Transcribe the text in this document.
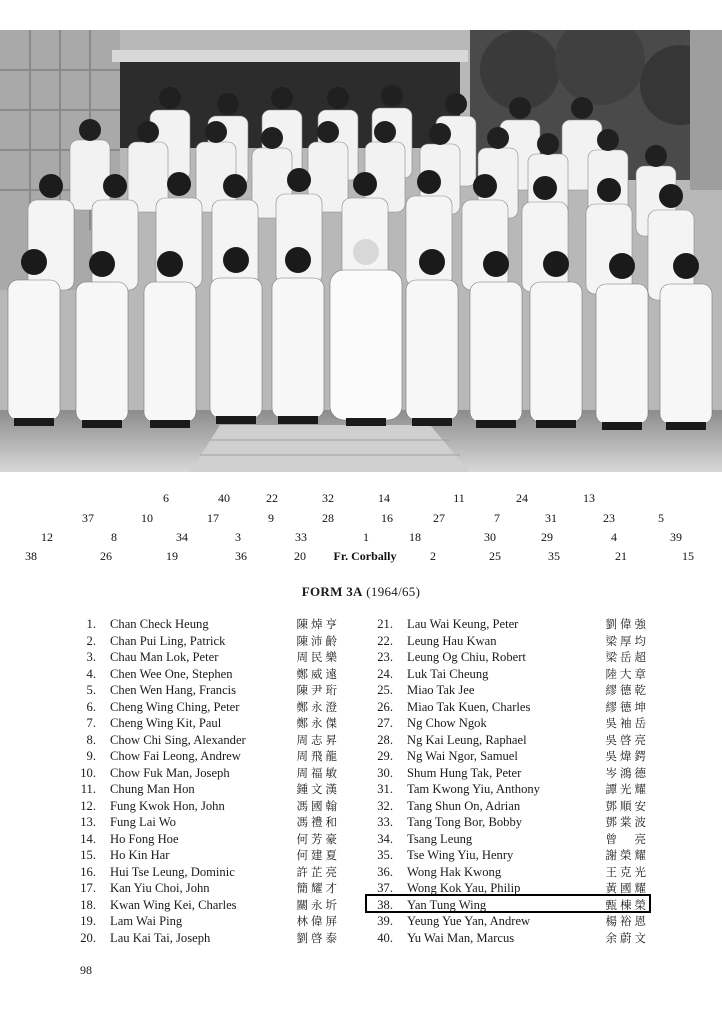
6	40	22	32	14	11	24	13
37	10	17	9	28	16	27	7	31	23	5
12	8	34	3	33	1	18	30	29	4	39
38	26	19	36	20 Fr. Corbally	2	25	35	21	15
FORM 3A (1964/65)
1. Chan Check Heung	陳焯亨
2. Chan Pui Ling, Patrick	陳沛齡
3. Chau Man Lok, Peter	周民樂
4. Chen Wee One, Stephen	鄭威遠
5. Chen Wen Hang, Francis	陳尹珩
6. Cheng Wing Ching, Peter	鄭永澄
7. Cheng Wing Kit, Paul	鄭永傑
8. Chow Chi Sing, Alexander	周志昇
9. Chow Fai Leong, Andrew	周飛龍
10. Chow Fuk Man, Joseph	周福敏
11. Chung Man Hon	鍾文漢
12. Fung Kwok Hon, John	馮國翰
13. Fung Lai Wo	馮禮和
14. Ho Fong Hoe	何芳豪
15. Ho Kin Har	何建夏
16. Hui Tse Leung, Dominic	許芷亮
17. Kan Yiu Choi, John	簡耀才
18. Kwan Wing Kei, Charles	關永圻
19. Lam Wai Ping	林偉屏
20. Lau Kai Tai, Joseph	劉啓泰
21. Lau Wai Keung, Peter	劉偉強
22. Leung Hau Kwan	梁厚均
23. Leung Og Chiu, Robert	梁岳超
24. Luk Tai Cheung	陸大章
25. Miao Tak Jee	繆德乾
26. Miao Tak Kuen, Charles	繆德坤
27. Ng Chow Ngok	吳袖岳
28. Ng Kai Leung, Raphael	吳啓亮
29. Ng Wai Ngor, Samuel	吳煒鍔
30. Shum Hung Tak, Peter	岑鴻德
31. Tam Kwong Yiu, Anthony	譚光耀
32. Tang Shun On, Adrian	鄧順安
33. Tang Tong Bor, Bobby	鄧棠波
34. Tsang Leung	曾　亮
35. Tse Wing Yiu, Henry	謝榮耀
36. Wong Hak Kwong	王克光
37. Wong Kok Yau, Philip	黃國耀
38. Yan Tung Wing	甄棟榮
39. Yeung Yue Yan, Andrew	楊裕恩
40. Yu Wai Man, Marcus	余蔚文
98
